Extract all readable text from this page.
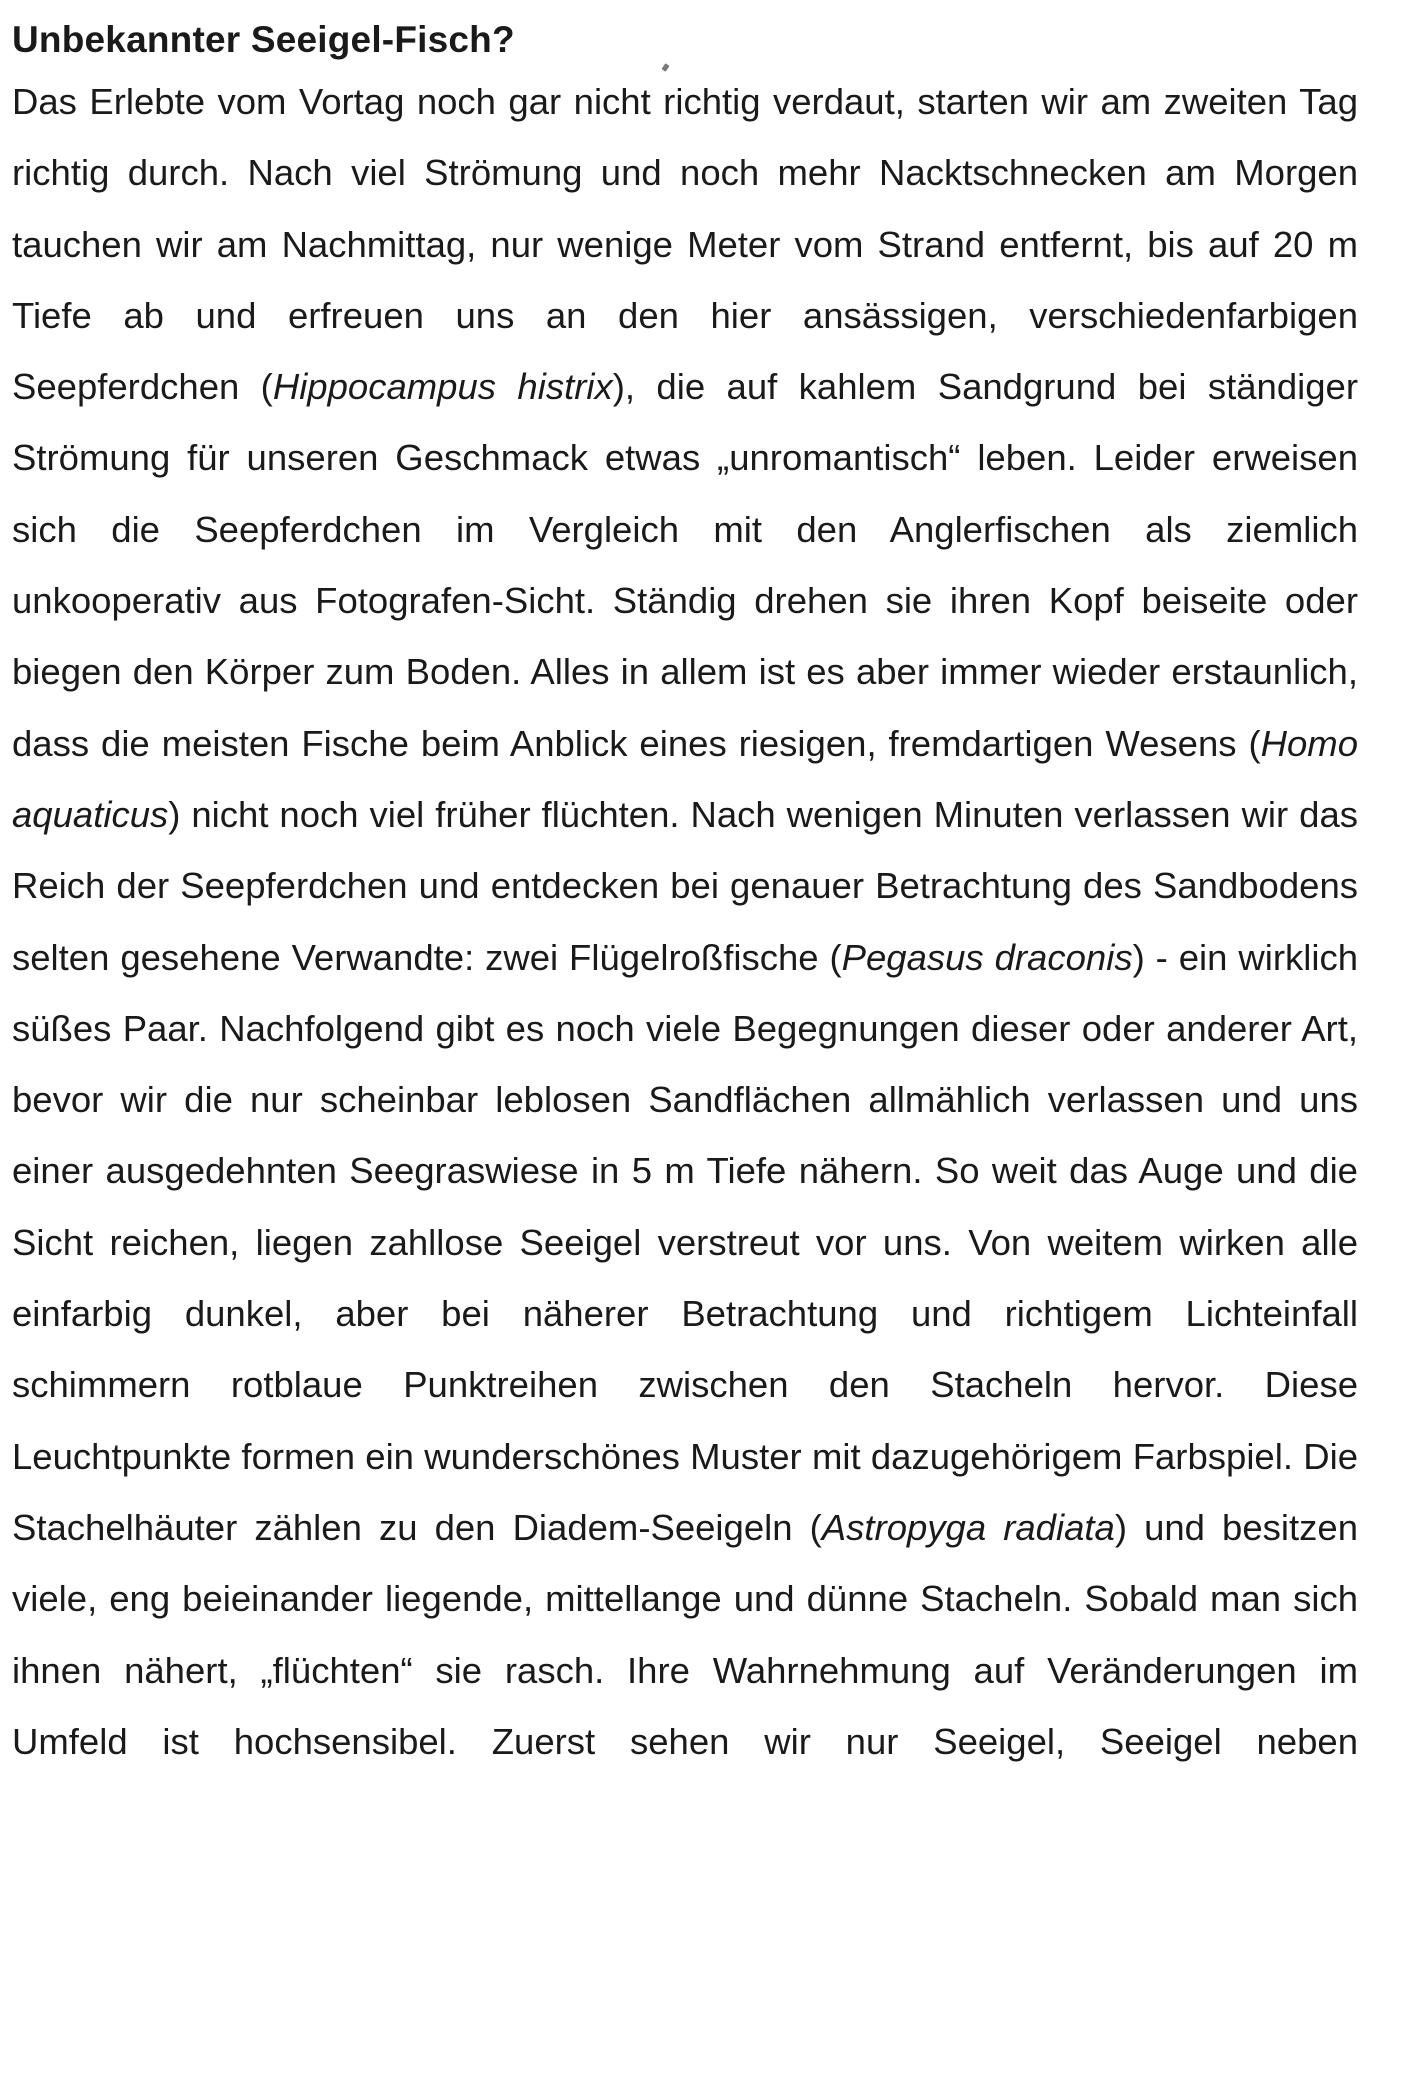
Unbekannter Seeigel-Fisch?

Das Erlebte vom Vortag noch gar nicht richtig verdaut, starten wir am zweiten Tag richtig durch. Nach viel Strömung und noch mehr Nacktschnecken am Morgen tauchen wir am Nachmittag, nur wenige Meter vom Strand entfernt, bis auf 20 m Tiefe ab und erfreuen uns an den hier ansässigen, verschiedenfarbigen Seepferdchen (Hippocampus histrix), die auf kahlem Sandgrund bei ständiger Strömung für unseren Geschmack etwas „unromantisch“ leben. Leider erweisen sich die Seepferdchen im Vergleich mit den Anglerfischen als ziemlich unkooperativ aus Fotografen-Sicht. Ständig drehen sie ihren Kopf beiseite oder biegen den Körper zum Boden. Alles in allem ist es aber immer wieder erstaunlich, dass die meisten Fische beim Anblick eines riesigen, fremdartigen Wesens (Homo aquaticus) nicht noch viel früher flüchten. Nach wenigen Minuten verlassen wir das Reich der Seepferdchen und entdecken bei genauer Betrachtung des Sandbodens selten gesehene Verwandte: zwei Flügelroßfische (Pegasus draconis) - ein wirklich süßes Paar. Nachfolgend gibt es noch viele Begegnungen dieser oder anderer Art, bevor wir die nur scheinbar leblosen Sandflächen allmählich verlassen und uns einer ausgedehnten Seegraswiese in 5 m Tiefe nähern. So weit das Auge und die Sicht reichen, liegen zahllose Seeigel verstreut vor uns. Von weitem wirken alle einfarbig dunkel, aber bei näherer Betrachtung und richtigem Lichteinfall schimmern rotblaue Punktreihen zwischen den Stacheln hervor. Diese Leuchtpunkte formen ein wunderschönes Muster mit dazugehörigem Farbspiel. Die Stachelhäuter zählen zu den Diadem-Seeigeln (Astropyga radiata) und besitzen viele, eng beieinander liegende, mittellange und dünne Stacheln. Sobald man sich ihnen nähert, „flüchten“ sie rasch. Ihre Wahrnehmung auf Veränderungen im Umfeld ist hochsensibel. Zuerst sehen wir nur Seeigel, Seeigel neben
